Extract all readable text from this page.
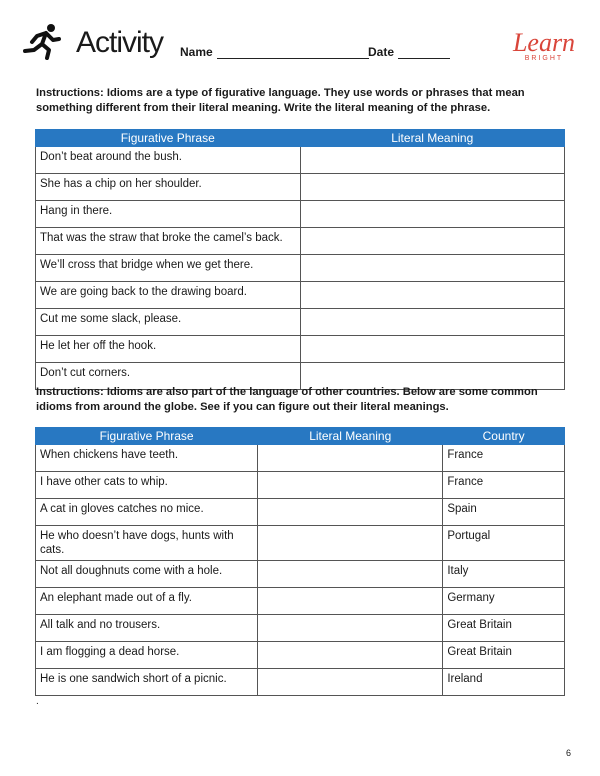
Activity Name	Date	Learn
BRIGHT
Instructions: Idioms are a type of figurative language. They use words or phrases that mean something different from their literal meaning. Write the literal meaning of the phrase.
Figurative Phrase	Literal Meaning
Don’t beat around the bush.	
She has a chip on her shoulder.	
Hang in there.	
That was the straw that broke the camel’s back.	
We’ll cross that bridge when we get there.	
We are going back to the drawing board.	
Cut me some slack, please.	
He let her off the hook.	
Don’t cut corners.	
Instructions: Idioms are also part of the language of other countries. Below are some common idioms from around the globe. See if you can figure out their literal meanings.
Figurative Phrase	Literal Meaning	Country
When chickens have teeth.		France
I have other cats to whip.		France
A cat in gloves catches no mice.		Spain
He who doesn’t have dogs, hunts with cats.		Portugal
Not all doughnuts come with a hole.		Italy
An elephant made out of a fly.		Germany
All talk and no trousers.		Great Britain
I am flogging a dead horse.		Great Britain
He is one sandwich short of a picnic.		Ireland
.
6
